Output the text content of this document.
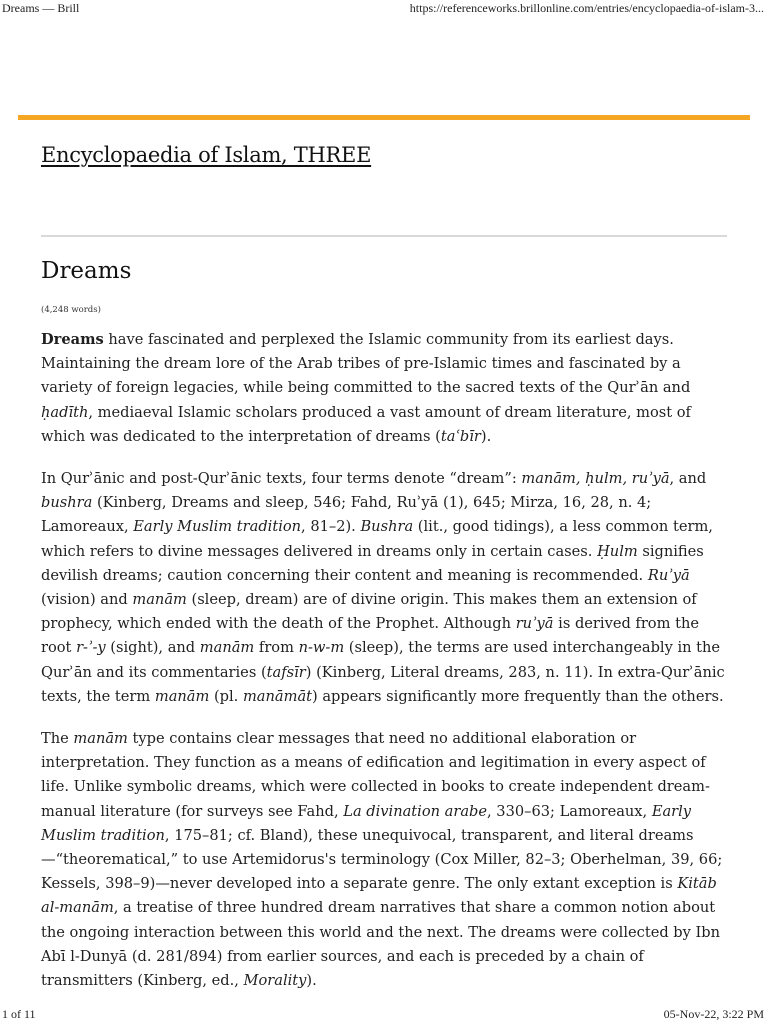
Dreams — Brill	https://referenceworks.brillonline.com/entries/encyclopaedia-of-islam-3...
Encyclopaedia of Islam, THREE
Dreams
(4,248 words)

Dreams have fascinated and perplexed the Islamic community from its earliest days. Maintaining the dream lore of the Arab tribes of pre-Islamic times and fascinated by a variety of foreign legacies, while being committed to the sacred texts of the Qurʾān and ḥadīth, mediaeval Islamic scholars produced a vast amount of dream literature, most of which was dedicated to the interpretation of dreams (taʿbīr).

In Qurʾānic and post-Qurʾānic texts, four terms denote “dream”: manām, ḥulm, ruʾyā, and bushra (Kinberg, Dreams and sleep, 546; Fahd, Ruʾyā (1), 645; Mirza, 16, 28, n. 4; Lamoreaux, Early Muslim tradition, 81–2). Bushra (lit., good tidings), a less common term, which refers to divine messages delivered in dreams only in certain cases. Ḥulm signifies devilish dreams; caution concerning their content and meaning is recommended. Ruʾyā (vision) and manām (sleep, dream) are of divine origin. This makes them an extension of prophecy, which ended with the death of the Prophet. Although ruʾyā is derived from the root r-ʾ-y (sight), and manām from n-w-m (sleep), the terms are used interchangeably in the Qurʾān and its commentaries (tafsīr) (Kinberg, Literal dreams, 283, n. 11). In extra-Qurʾānic texts, the term manām (pl. manāmāt) appears significantly more frequently than the others.

The manām type contains clear messages that need no additional elaboration or interpretation. They function as a means of edification and legitimation in every aspect of life. Unlike symbolic dreams, which were collected in books to create independent dream-manual literature (for surveys see Fahd, La divination arabe, 330–63; Lamoreaux, Early Muslim tradition, 175–81; cf. Bland), these unequivocal, transparent, and literal dreams—“theorematical,” to use Artemidorus's terminology (Cox Miller, 82–3; Oberhelman, 39, 66; Kessels, 398–9)—never developed into a separate genre. The only extant exception is Kitāb al-manām, a treatise of three hundred dream narratives that share a common notion about the ongoing interaction between this world and the next. The dreams were collected by Ibn Abī l-Dunyā (d. 281/894) from earlier sources, and each is preceded by a chain of transmitters (Kinberg, ed., Morality).

1 of 11	05-Nov-22, 3:22 PM
